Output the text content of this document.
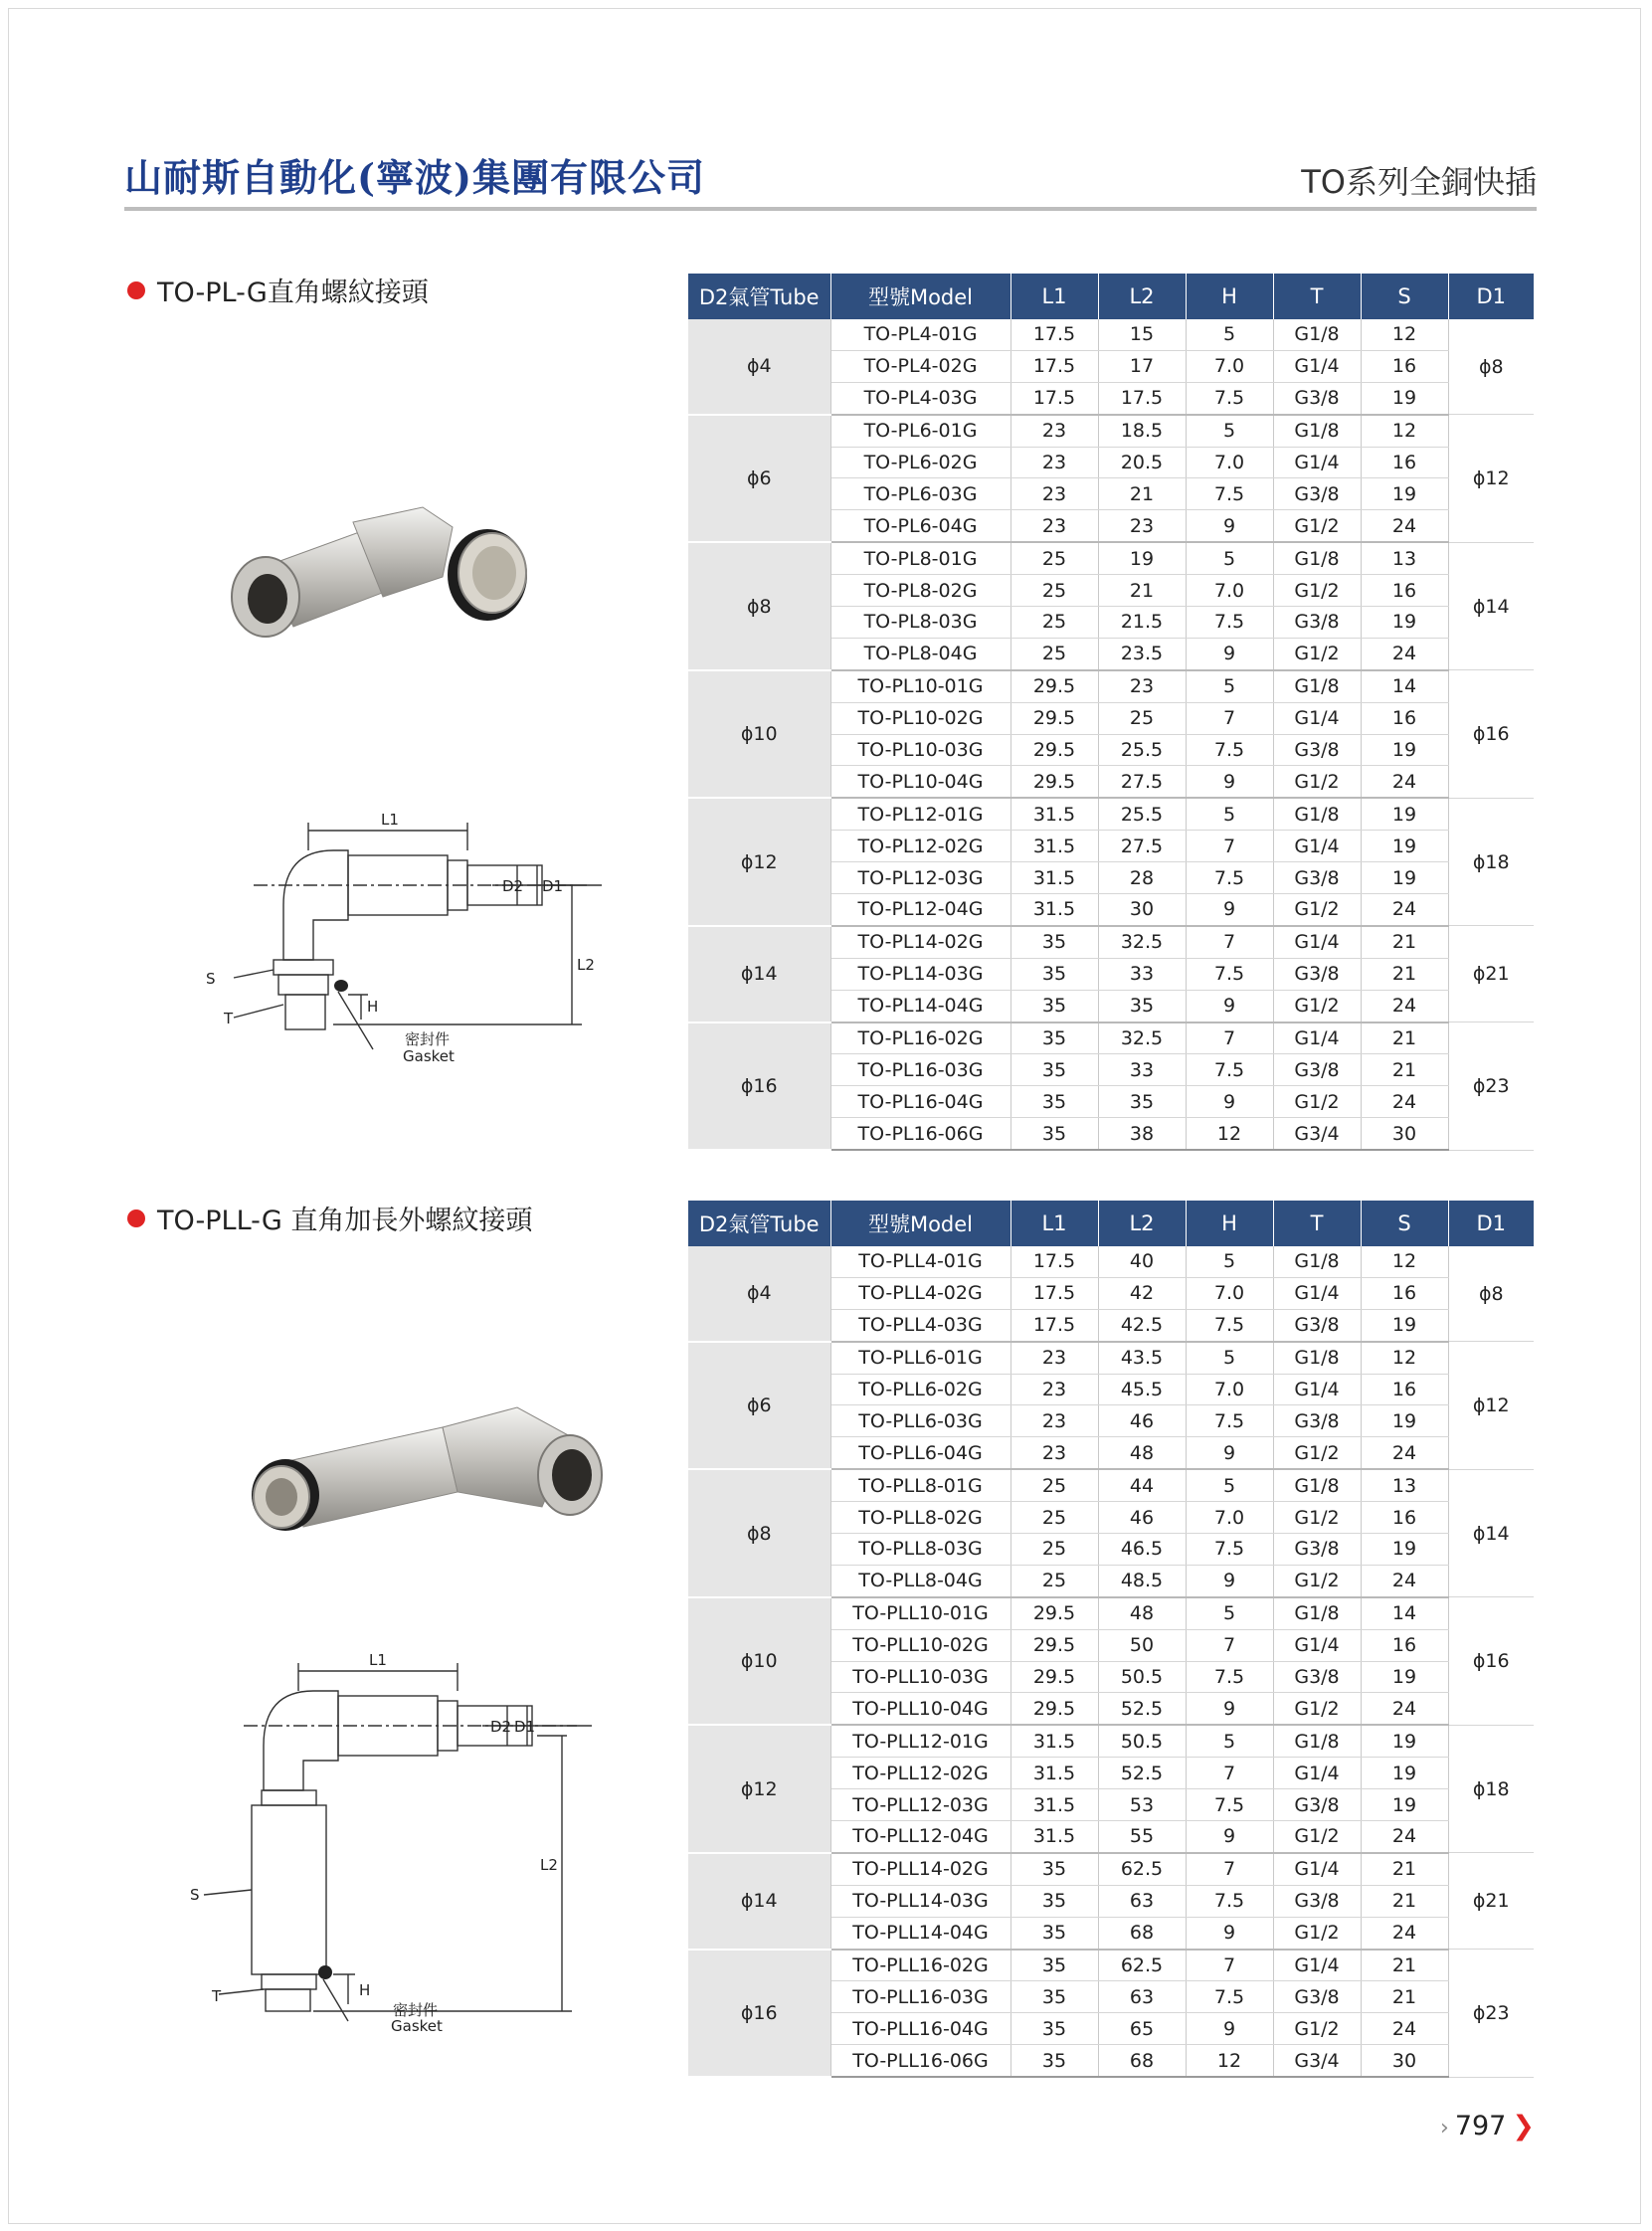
山耐斯自動化(寧波)集團有限公司	TO系列全銅快插
TO-PL-G直角螺紋接頭
L1
D2 D1
L2
H
S
T
密封件
Gasket
D2氣管Tube	型號Model	L1	L2	H	T	S	D1
ϕ4	TO-PL4-01G	17.5	15	5	G1/8	12	ϕ8
	TO-PL4-02G	17.5	17	7.0	G1/4	16	
	TO-PL4-03G	17.5	17.5	7.5	G3/8	19	
ϕ6	TO-PL6-01G	23	18.5	5	G1/8	12	ϕ12
	TO-PL6-02G	23	20.5	7.0	G1/4	16	
	TO-PL6-03G	23	21	7.5	G3/8	19	
	TO-PL6-04G	23	23	9	G1/2	24	
ϕ8	TO-PL8-01G	25	19	5	G1/8	13	ϕ14
	TO-PL8-02G	25	21	7.0	G1/2	16	
	TO-PL8-03G	25	21.5	7.5	G3/8	19	
	TO-PL8-04G	25	23.5	9	G1/2	24	
ϕ10	TO-PL10-01G	29.5	23	5	G1/8	14	ϕ16
	TO-PL10-02G	29.5	25	7	G1/4	16	
	TO-PL10-03G	29.5	25.5	7.5	G3/8	19	
	TO-PL10-04G	29.5	27.5	9	G1/2	24	
ϕ12	TO-PL12-01G	31.5	25.5	5	G1/8	19	ϕ18
	TO-PL12-02G	31.5	27.5	7	G1/4	19	
	TO-PL12-03G	31.5	28	7.5	G3/8	19	
	TO-PL12-04G	31.5	30	9	G1/2	24	
ϕ14	TO-PL14-02G	35	32.5	7	G1/4	21	ϕ21
	TO-PL14-03G	35	33	7.5	G3/8	21	
	TO-PL14-04G	35	35	9	G1/2	24	
ϕ16	TO-PL16-02G	35	32.5	7	G1/4	21	ϕ23
	TO-PL16-03G	35	33	7.5	G3/8	21	
	TO-PL16-04G	35	35	9	G1/2	24	
	TO-PL16-06G	35	38	12	G3/4	30	
TO-PLL-G 直角加長外螺紋接頭
L1
D2 D1
L2
H
S
T
密封件
Gasket
D2氣管Tube	型號Model	L1	L2	H	T	S	D1
ϕ4	TO-PLL4-01G	17.5	40	5	G1/8	12	ϕ8
	TO-PLL4-02G	17.5	42	7.0	G1/4	16	
	TO-PLL4-03G	17.5	42.5	7.5	G3/8	19	
ϕ6	TO-PLL6-01G	23	43.5	5	G1/8	12	ϕ12
	TO-PLL6-02G	23	45.5	7.0	G1/4	16	
	TO-PLL6-03G	23	46	7.5	G3/8	19	
	TO-PLL6-04G	23	48	9	G1/2	24	
ϕ8	TO-PLL8-01G	25	44	5	G1/8	13	ϕ14
	TO-PLL8-02G	25	46	7.0	G1/2	16	
	TO-PLL8-03G	25	46.5	7.5	G3/8	19	
	TO-PLL8-04G	25	48.5	9	G1/2	24	
ϕ10	TO-PLL10-01G	29.5	48	5	G1/8	14	ϕ16
	TO-PLL10-02G	29.5	50	7	G1/4	16	
	TO-PLL10-03G	29.5	50.5	7.5	G3/8	19	
	TO-PLL10-04G	29.5	52.5	9	G1/2	24	
ϕ12	TO-PLL12-01G	31.5	50.5	5	G1/8	19	ϕ18
	TO-PLL12-02G	31.5	52.5	7	G1/4	19	
	TO-PLL12-03G	31.5	53	7.5	G3/8	19	
	TO-PLL12-04G	31.5	55	9	G1/2	24	
ϕ14	TO-PLL14-02G	35	62.5	7	G1/4	21	ϕ21
	TO-PLL14-03G	35	63	7.5	G3/8	21	
	TO-PLL14-04G	35	68	9	G1/2	24	
ϕ16	TO-PLL16-02G	35	62.5	7	G1/4	21	ϕ23
	TO-PLL16-03G	35	63	7.5	G3/8	21	
	TO-PLL16-04G	35	65	9	G1/2	24	
	TO-PLL16-06G	35	68	12	G3/4	30	
› 797 ❯
